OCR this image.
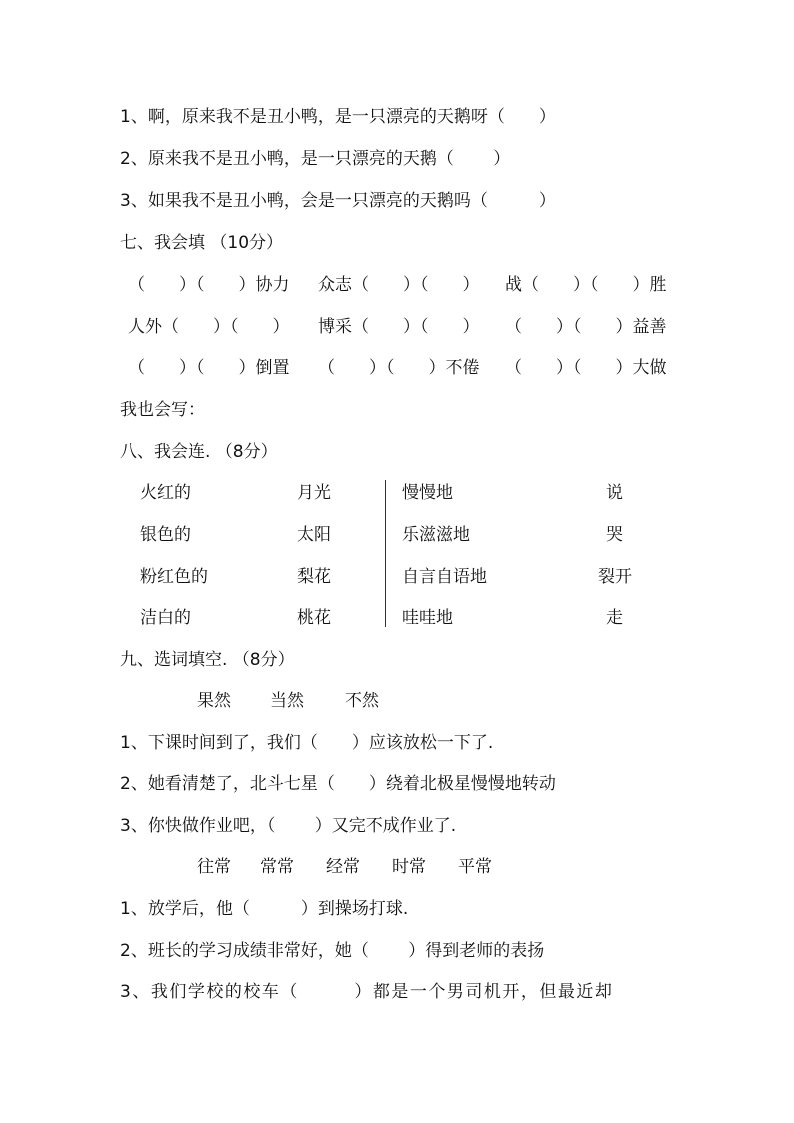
1、啊，原来我不是丑小鸭，是一只漂亮的天鹅呀（　　）
2、原来我不是丑小鸭，是一只漂亮的天鹅（　　 ）
3、如果我不是丑小鸭，会是一只漂亮的天鹅吗（　　　）
七、我会填 （10分）
（　　）（　　）协力 众志（　　）（　　） 战（　　）（　　）胜
人外（　　）（　　） 博采（　　）（　　） （　　）（　　）益善
（　　）（　　）倒置 （　　）（　　）不倦 （　　）（　　）大做
我也会写：
八、我会连. （8分）
火红的
银色的
粉红色的
洁白的
月光
太阳
梨花
桃花
慢慢地
乐滋滋地
自言自语地
哇哇地
说
哭
裂开
走
九、选词填空. （8分）
果然 当然 不然
1、下课时间到了，我们（　　）应该放松一下了.
2、她看清楚了，北斗七星（　　）绕着北极星慢慢地转动
3、你快做作业吧，（　　 ）又完不成作业了.
往常 常常 经常 时常 平常
1、放学后，他（　　　）到操场打球.
2、班长的学习成绩非常好，她（　　 ）得到老师的表扬
3、我们学校的校车（　　　）都是一个男司机开，但最近却
